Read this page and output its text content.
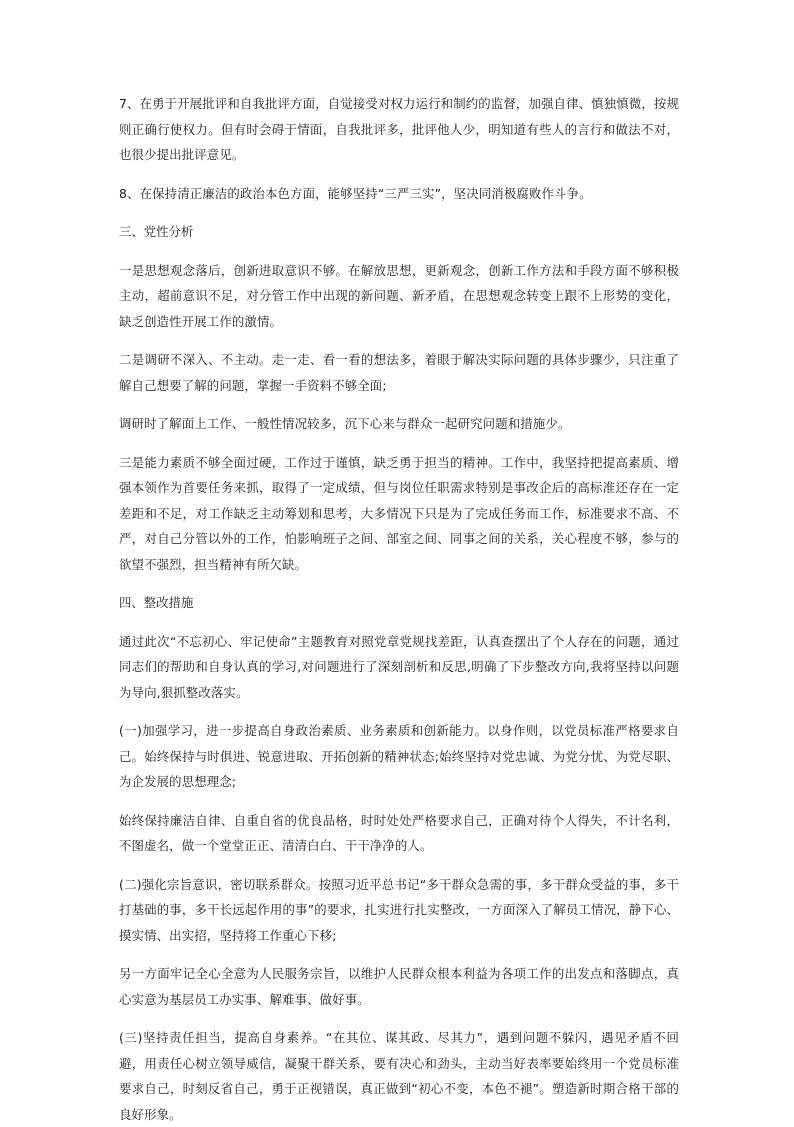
7、在勇于开展批评和自我批评方面，自觉接受对权力运行和制约的监督，加强自律、慎独慎微，按规则正确行使权力。但有时会碍于情面，自我批评多，批评他人少，明知道有些人的言行和做法不对，也很少提出批评意见。

8、在保持清正廉洁的政治本色方面，能够坚持“三严三实”，坚决同消极腐败作斗争。

三、党性分析

一是思想观念落后，创新进取意识不够。在解放思想，更新观念，创新工作方法和手段方面不够积极主动，超前意识不足，对分管工作中出现的新问题、新矛盾，在思想观念转变上跟不上形势的变化，缺乏创造性开展工作的激情。

二是调研不深入、不主动。走一走、看一看的想法多，着眼于解决实际问题的具体步骤少，只注重了解自己想要了解的问题，掌握一手资料不够全面;

调研时了解面上工作、一般性情况较多，沉下心来与群众一起研究问题和措施少。

三是能力素质不够全面过硬，工作过于谨慎，缺乏勇于担当的精神。工作中，我坚持把提高素质、增强本领作为首要任务来抓，取得了一定成绩，但与岗位任职需求特别是事改企后的高标准还存在一定差距和不足，对工作缺乏主动筹划和思考，大多情况下只是为了完成任务而工作，标准要求不高、不严，对自己分管以外的工作，怕影响班子之间、部室之间、同事之间的关系，关心程度不够，参与的欲望不强烈，担当精神有所欠缺。

四、整改措施

通过此次“不忘初心、牢记使命”主题教育对照党章党规找差距，认真查摆出了个人存在的问题，通过同志们的帮助和自身认真的学习,对问题进行了深刻剖析和反思,明确了下步整改方向,我将坚持以问题为导向,狠抓整改落实。

(一)加强学习，进一步提高自身政治素质、业务素质和创新能力。以身作则，以党员标准严格要求自己。始终保持与时俱进、锐意进取、开拓创新的精神状态;始终坚持对党忠诚、为党分忧、为党尽职、为企发展的思想理念;

始终保持廉洁自律、自重自省的优良品格，时时处处严格要求自己，正确对待个人得失，不计名利，不图虚名，做一个堂堂正正、清清白白、干干净净的人。

(二)强化宗旨意识，密切联系群众。按照习近平总书记“多干群众急需的事，多干群众受益的事，多干打基础的事，多干长远起作用的事”的要求，扎实进行扎实整改，一方面深入了解员工情况，静下心、摸实情、出实招，坚持将工作重心下移;

另一方面牢记全心全意为人民服务宗旨，以维护人民群众根本利益为各项工作的出发点和落脚点，真心实意为基层员工办实事、解难事、做好事。

(三)坚持责任担当，提高自身素养。“在其位、谋其政、尽其力”，遇到问题不躲闪，遇见矛盾不回避，用责任心树立领导威信，凝聚干群关系，要有决心和劲头，主动当好表率要始终用一个党员标准要求自己，时刻反省自己，勇于正视错误，真正做到“初心不变，本色不褪”。塑造新时期合格干部的良好形象。
